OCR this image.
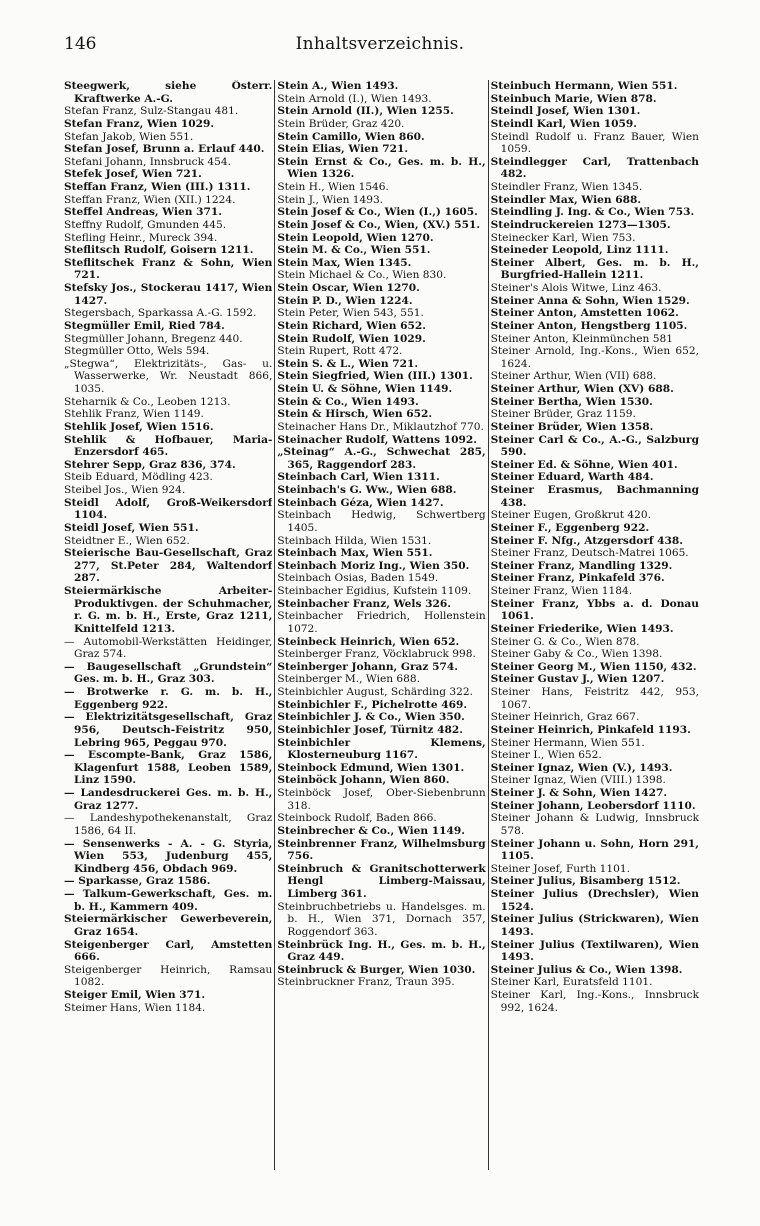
146	Inhaltsverzeichnis.

Steegwerk, siehe Österr. Kraftwerke A.-G.

Stefan Franz, Sulz-Stangau 481.

Stefan Franz, Wien 1029.

Stefan Jakob, Wien 551.

Stefan Josef, Brunn a. Erlauf 440.

Stefani Johann, Innsbruck 454.

Stefek Josef, Wien 721.

Steffan Franz, Wien (III.) 1311.

Steffan Franz, Wien (XII.) 1224.

Steffel Andreas, Wien 371.

Steffny Rudolf, Gmunden 445.

Stefling Heinr., Mureck 394.

Steflitsch Rudolf, Goisern 1211.

Steflitschek Franz & Sohn, Wien 721.

Stefsky Jos., Stockerau 1417, Wien 1427.

Stegersbach, Sparkassa A.-G. 1592.

Stegmüller Emil, Ried 784.

Stegmüller Johann, Bregenz 440.

Stegmüller Otto, Wels 594.

„Stegwa“, Elektrizitäts-, Gas- u. Wasserwerke, Wr. Neustadt 866, 1035.

Steharnik & Co., Leoben 1213.

Stehlik Franz, Wien 1149.

Stehlik Josef, Wien 1516.

Stehlik & Hofbauer, Maria-Enzersdorf 465.

Stehrer Sepp, Graz 836, 374.

Steib Eduard, Mödling 423.

Steibel Jos., Wien 924.

Steidl Adolf, Groß-Weikersdorf 1104.

Steidl Josef, Wien 551.

Steidtner E., Wien 652.

Steierische Bau-Gesellschaft, Graz 277, St.Peter 284, Waltendorf 287.

Steiermärkische Arbeiter-Produktivgen. der Schuhmacher, r. G. m. b. H., Erste, Graz 1211, Knittelfeld 1213.

— Automobil-Werkstätten Heidinger, Graz 574.

— Baugesellschaft „Grundstein“ Ges. m. b. H., Graz 303.

— Brotwerke r. G. m. b. H., Eggenberg 922.

— Elektrizitätsgesellschaft, Graz 956, Deutsch-Feistritz 950, Lebring 965, Peggau 970.

— Escompte-Bank, Graz 1586, Klagenfurt 1588, Leoben 1589, Linz 1590.

— Landesdruckerei Ges. m. b. H., Graz 1277.

— Landeshypothekenanstalt, Graz 1586, 64 II.

— Sensenwerks - A. - G. Styria, Wien 553, Judenburg 455, Kindberg 456, Obdach 969.

— Sparkasse, Graz 1586.

— Talkum-Gewerkschaft, Ges. m. b. H., Kammern 409.

Steiermärkischer Gewerbeverein, Graz 1654.

Steigenberger Carl, Amstetten 666.

Steigenberger Heinrich, Ramsau 1082.

Steiger Emil, Wien 371.

Steimer Hans, Wien 1184.

Stein A., Wien 1493.

Stein Arnold (I.), Wien 1493.

Stein Arnold (II.), Wien 1255.

Stein Brüder, Graz 420.

Stein Camillo, Wien 860.

Stein Elias, Wien 721.

Stein Ernst & Co., Ges. m. b. H., Wien 1326.

Stein H., Wien 1546.

Stein J., Wien 1493.

Stein Josef & Co., Wien (I.,) 1605.

Stein Josef & Co., Wien, (XV.) 551.

Stein Leopold, Wien 1270.

Stein M. & Co., Wien 551.

Stein Max, Wien 1345.

Stein Michael & Co., Wien 830.

Stein Oscar, Wien 1270.

Stein P. D., Wien 1224.

Stein Peter, Wien 543, 551.

Stein Richard, Wien 652.

Stein Rudolf, Wien 1029.

Stein Rupert, Rott 472.

Stein S. & L., Wien 721.

Stein Siegfried, Wien (III.) 1301.

Stein U. & Söhne, Wien 1149.

Stein & Co., Wien 1493.

Stein & Hirsch, Wien 652.

Steinacher Hans Dr., Miklautzhof 770.

Steinacher Rudolf, Wattens 1092.

„Steinag“ A.-G., Schwechat 285, 365, Raggendorf 283.

Steinbach Carl, Wien 1311.

Steinbach's G. Ww., Wien 688.

Steinbach Géza, Wien 1427.

Steinbach Hedwig, Schwertberg 1405.

Steinbach Hilda, Wien 1531.

Steinbach Max, Wien 551.

Steinbach Moriz Ing., Wien 350.

Steinbach Osias, Baden 1549.

Steinbacher Egidius, Kufstein 1109.

Steinbacher Franz, Wels 326.

Steinbacher Friedrich, Hollenstein 1072.

Steinbeck Heinrich, Wien 652.

Steinberger Franz, Vöcklabruck 998.

Steinberger Johann, Graz 574.

Steinberger M., Wien 688.

Steinbichler August, Schärding 322.

Steinbichler F., Pichelrotte 469.

Steinbichler J. & Co., Wien 350.

Steinbichler Josef, Türnitz 482.

Steinbichler Klemens, Klosterneuburg 1167.

Steinbock Edmund, Wien 1301.

Steinböck Johann, Wien 860.

Steinböck Josef, Ober-Siebenbrunn 318.

Steinbock Rudolf, Baden 866.

Steinbrecher & Co., Wien 1149.

Steinbrenner Franz, Wilhelmsburg 756.

Steinbruch & Granitschotterwerk Hengl Limberg-Maissau, Limberg 361.

Steinbruchbetriebs u. Handelsges. m. b. H., Wien 371, Dornach 357, Roggendorf 363.

Steinbrück Ing. H., Ges. m. b. H., Graz 449.

Steinbruck & Burger, Wien 1030.

Steinbruckner Franz, Traun 395.

Steinbuch Hermann, Wien 551.

Steinbuch Marie, Wien 878.

Steindl Josef, Wien 1301.

Steindl Karl, Wien 1059.

Steindl Rudolf u. Franz Bauer, Wien 1059.

Steindlegger Carl, Trattenbach 482.

Steindler Franz, Wien 1345.

Steindler Max, Wien 688.

Steindling J. Ing. & Co., Wien 753.

Steindruckereien 1273—1305.

Steinecker Karl, Wien 753.

Steineder Leopold, Linz 1111.

Steiner Albert, Ges. m. b. H., Burgfried-Hallein 1211.

Steiner's Alois Witwe, Linz 463.

Steiner Anna & Sohn, Wien 1529.

Steiner Anton, Amstetten 1062.

Steiner Anton, Hengstberg 1105.

Steiner Anton, Kleinmünchen 581

Steiner Arnold, Ing.-Kons., Wien 652, 1624.

Steiner Arthur, Wien (VII) 688.

Steiner Arthur, Wien (XV) 688.

Steiner Bertha, Wien 1530.

Steiner Brüder, Graz 1159.

Steiner Brüder, Wien 1358.

Steiner Carl & Co., A.-G., Salzburg 590.

Steiner Ed. & Söhne, Wien 401.

Steiner Eduard, Warth 484.

Steiner Erasmus, Bachmanning 438.

Steiner Eugen, Großkrut 420.

Steiner F., Eggenberg 922.

Steiner F. Nfg., Atzgersdorf 438.

Steiner Franz, Deutsch-Matrei 1065.

Steiner Franz, Mandling 1329.

Steiner Franz, Pinkafeld 376.

Steiner Franz, Wien 1184.

Steiner Franz, Ybbs a. d. Donau 1061.

Steiner Friederike, Wien 1493.

Steiner G. & Co., Wien 878.

Steiner Gaby & Co., Wien 1398.

Steiner Georg M., Wien 1150, 432.

Steiner Gustav J., Wien 1207.

Steiner Hans, Feistritz 442, 953, 1067.

Steiner Heinrich, Graz 667.

Steiner Heinrich, Pinkafeld 1193.

Steiner Hermann, Wien 551.

Steiner I., Wien 652.

Steiner Ignaz, Wien (V.), 1493.

Steiner Ignaz, Wien (VIII.) 1398.

Steiner J. & Sohn, Wien 1427.

Steiner Johann, Leobersdorf 1110.

Steiner Johann & Ludwig, Innsbruck 578.

Steiner Johann u. Sohn, Horn 291, 1105.

Steiner Josef, Furth 1101.

Steiner Julius, Bisamberg 1512.

Steiner Julius (Drechsler), Wien 1524.

Steiner Julius (Strickwaren), Wien 1493.

Steiner Julius (Textilwaren), Wien 1493.

Steiner Julius & Co., Wien 1398.

Steiner Karl, Euratsfeld 1101.

Steiner Karl, Ing.-Kons., Innsbruck 992, 1624.
